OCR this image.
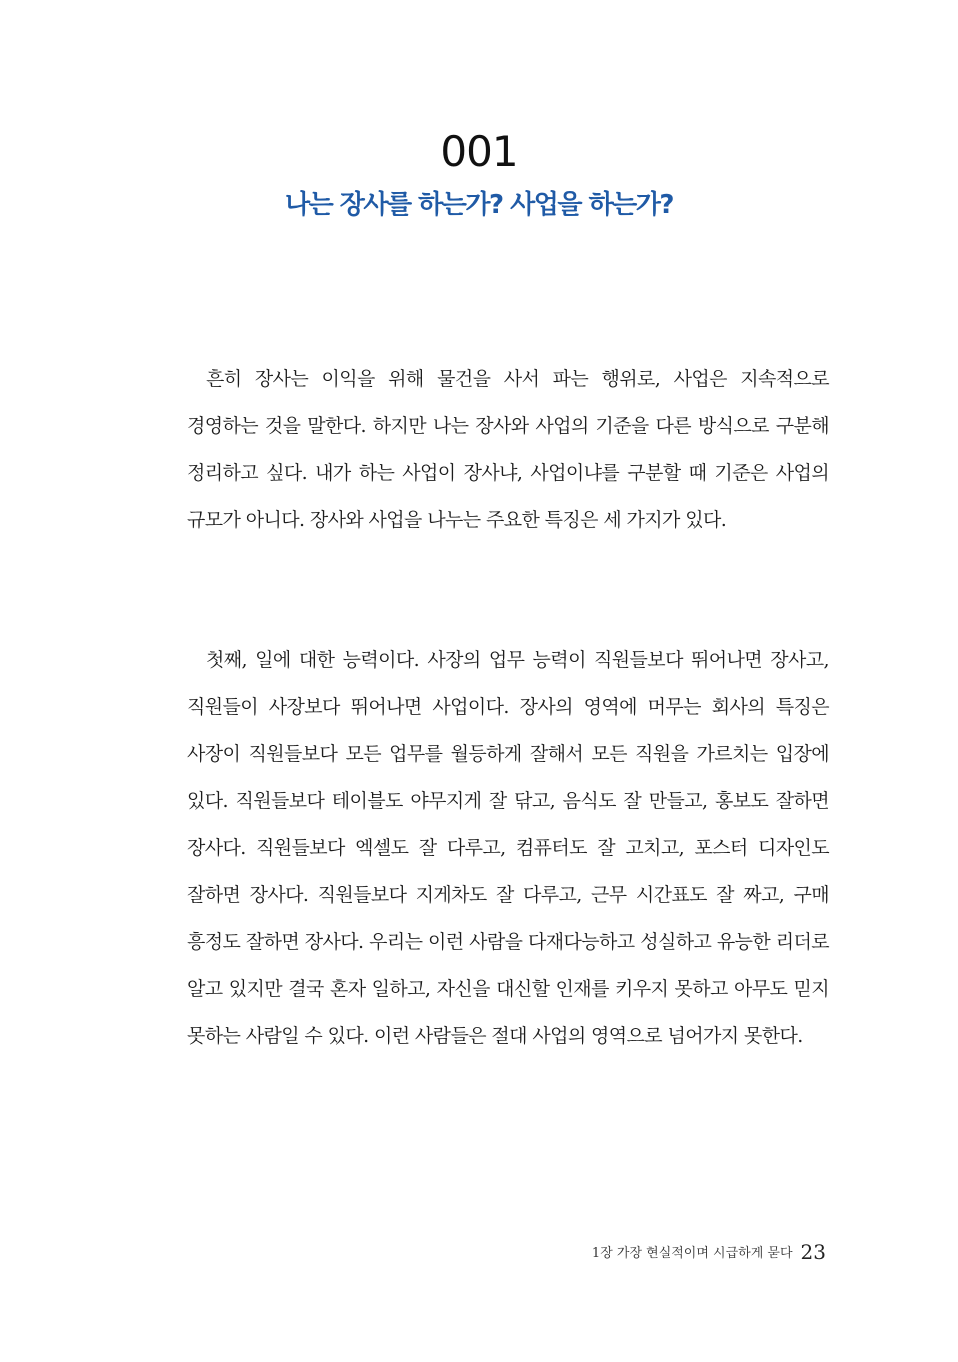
001
나는 장사를 하는가? 사업을 하는가?

흔히 장사는 이익을 위해 물건을 사서 파는 행위로, 사업은 지속적으로 경영하는 것을 말한다. 하지만 나는 장사와 사업의 기준을 다른 방식으로 구분해 정리하고 싶다. 내가 하는 사업이 장사냐, 사업이냐를 구분할 때 기준은 사업의 규모가 아니다. 장사와 사업을 나누는 주요한 특징은 세 가지가 있다.

첫째, 일에 대한 능력이다. 사장의 업무 능력이 직원들보다 뛰어나면 장사고, 직원들이 사장보다 뛰어나면 사업이다. 장사의 영역에 머무는 회사의 특징은 사장이 직원들보다 모든 업무를 월등하게 잘해서 모든 직원을 가르치는 입장에 있다. 직원들보다 테이블도 야무지게 잘 닦고, 음식도 잘 만들고, 홍보도 잘하면 장사다. 직원들보다 엑셀도 잘 다루고, 컴퓨터도 잘 고치고, 포스터 디자인도 잘하면 장사다. 직원들보다 지게차도 잘 다루고, 근무 시간표도 잘 짜고, 구매 흥정도 잘하면 장사다. 우리는 이런 사람을 다재다능하고 성실하고 유능한 리더로 알고 있지만 결국 혼자 일하고, 자신을 대신할 인재를 키우지 못하고 아무도 믿지 못하는 사람일 수 있다. 이런 사람들은 절대 사업의 영역으로 넘어가지 못한다.

1장 가장 현실적이며 시급하게 묻다 23
